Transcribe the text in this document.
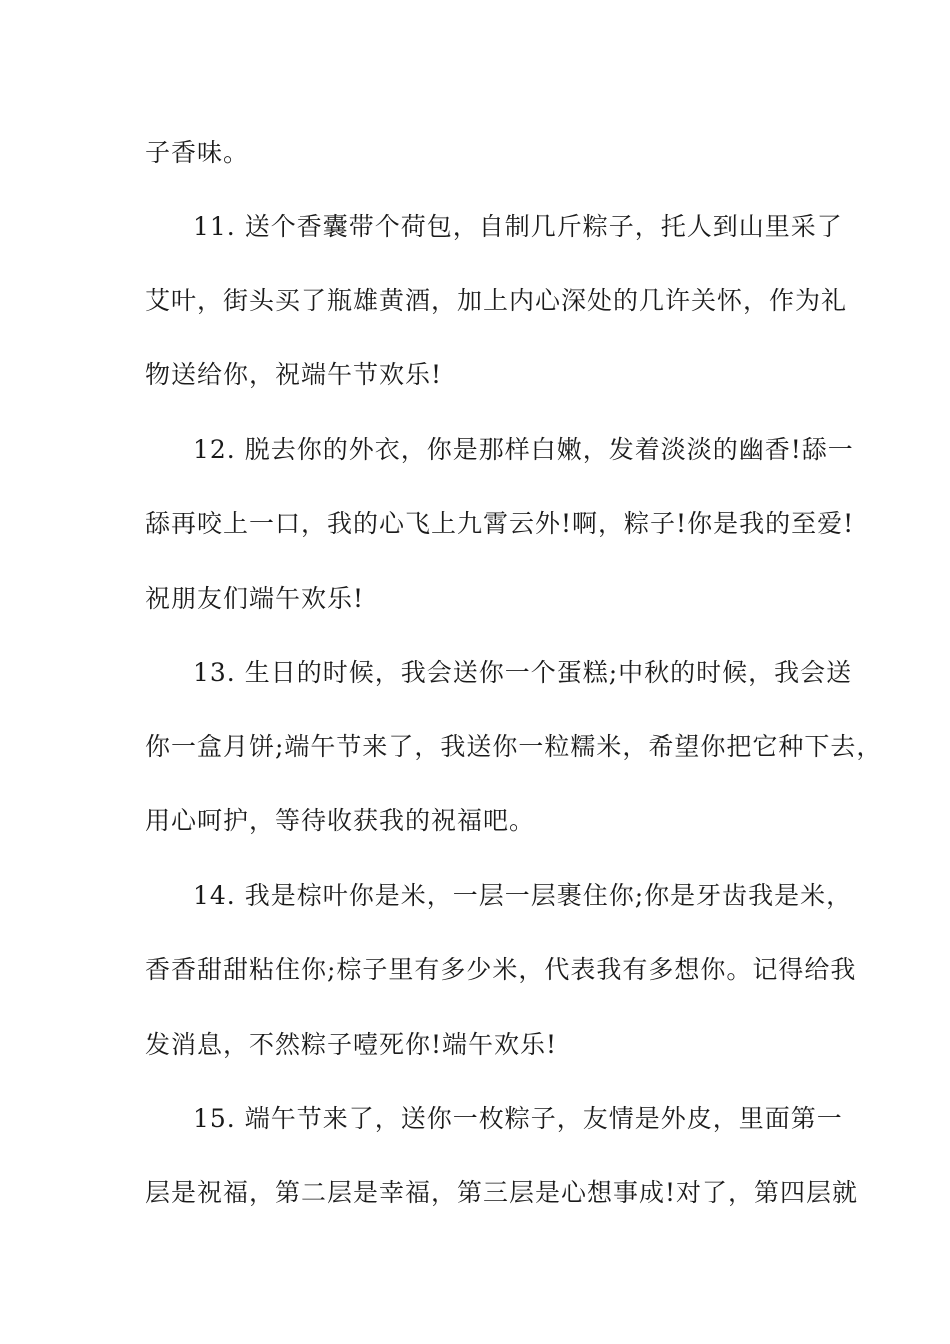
子香味。
11. 送个香囊带个荷包，自制几斤粽子，托人到山里采了
艾叶，街头买了瓶雄黄酒，加上内心深处的几许关怀，作为礼
物送给你，祝端午节欢乐!
12. 脱去你的外衣，你是那样白嫩，发着淡淡的幽香!舔一
舔再咬上一口，我的心飞上九霄云外!啊，粽子!你是我的至爱!
祝朋友们端午欢乐!
13. 生日的时候，我会送你一个蛋糕;中秋的时候，我会送
你一盒月饼;端午节来了，我送你一粒糯米，希望你把它种下去，
用心呵护，等待收获我的祝福吧。
14. 我是棕叶你是米，一层一层裹住你;你是牙齿我是米，
香香甜甜粘住你;棕子里有多少米，代表我有多想你。记得给我
发消息，不然粽子噎死你!端午欢乐!
15. 端午节来了，送你一枚粽子，友情是外皮，里面第一
层是祝福，第二层是幸福，第三层是心想事成!对了，第四层就
